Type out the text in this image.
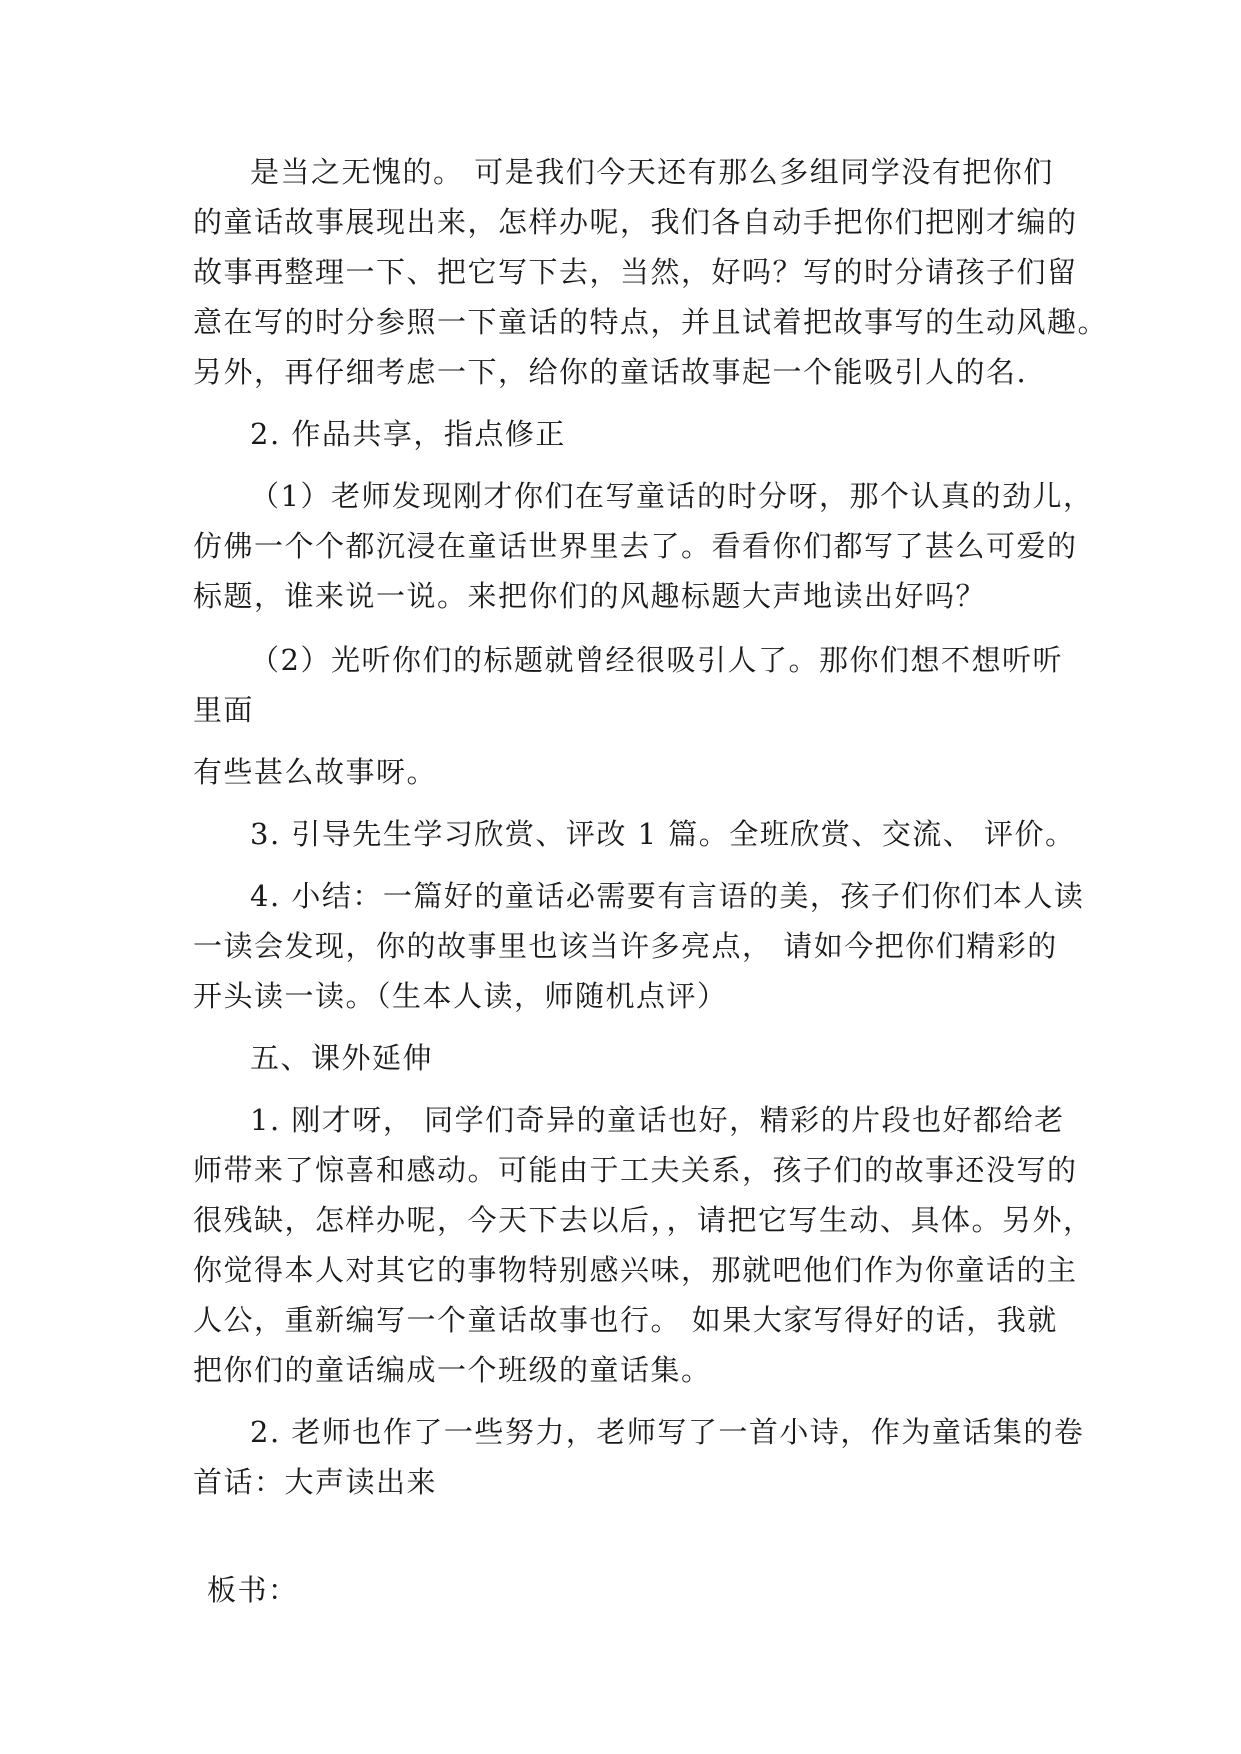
是当之无愧的。 可是我们今天还有那么多组同学没有把你们
的童话故事展现出来，怎样办呢，我们各自动手把你们把刚才编的
故事再整理一下、把它写下去，当然，好吗？写的时分请孩子们留
意在写的时分参照一下童话的特点，并且试着把故事写的生动风趣。
另外，再仔细考虑一下，给你的童话故事起一个能吸引人的名.
2. 作品共享，指点修正
（1）老师发现刚才你们在写童话的时分呀，那个认真的劲儿，
仿佛一个个都沉浸在童话世界里去了。看看你们都写了甚么可爱的
标题，谁来说一说。来把你们的风趣标题大声地读出好吗？
（2）光听你们的标题就曾经很吸引人了。那你们想不想听听
里面
有些甚么故事呀。
3. 引导先生学习欣赏、评改 1 篇。全班欣赏、交流、 评价。
4. 小结：一篇好的童话必需要有言语的美，孩子们你们本人读
一读会发现，你的故事里也该当许多亮点， 请如今把你们精彩的
开头读一读。（生本人读，师随机点评）
五、课外延伸
1. 刚才呀， 同学们奇异的童话也好，精彩的片段也好都给老
师带来了惊喜和感动。可能由于工夫关系，孩子们的故事还没写的
很残缺，怎样办呢，今天下去以后，，请把它写生动、具体。另外，
你觉得本人对其它的事物特别感兴味，那就吧他们作为你童话的主
人公，重新编写一个童话故事也行。 如果大家写得好的话，我就
把你们的童话编成一个班级的童话集。
2. 老师也作了一些努力，老师写了一首小诗，作为童话集的卷
首话：大声读出来
板书：
